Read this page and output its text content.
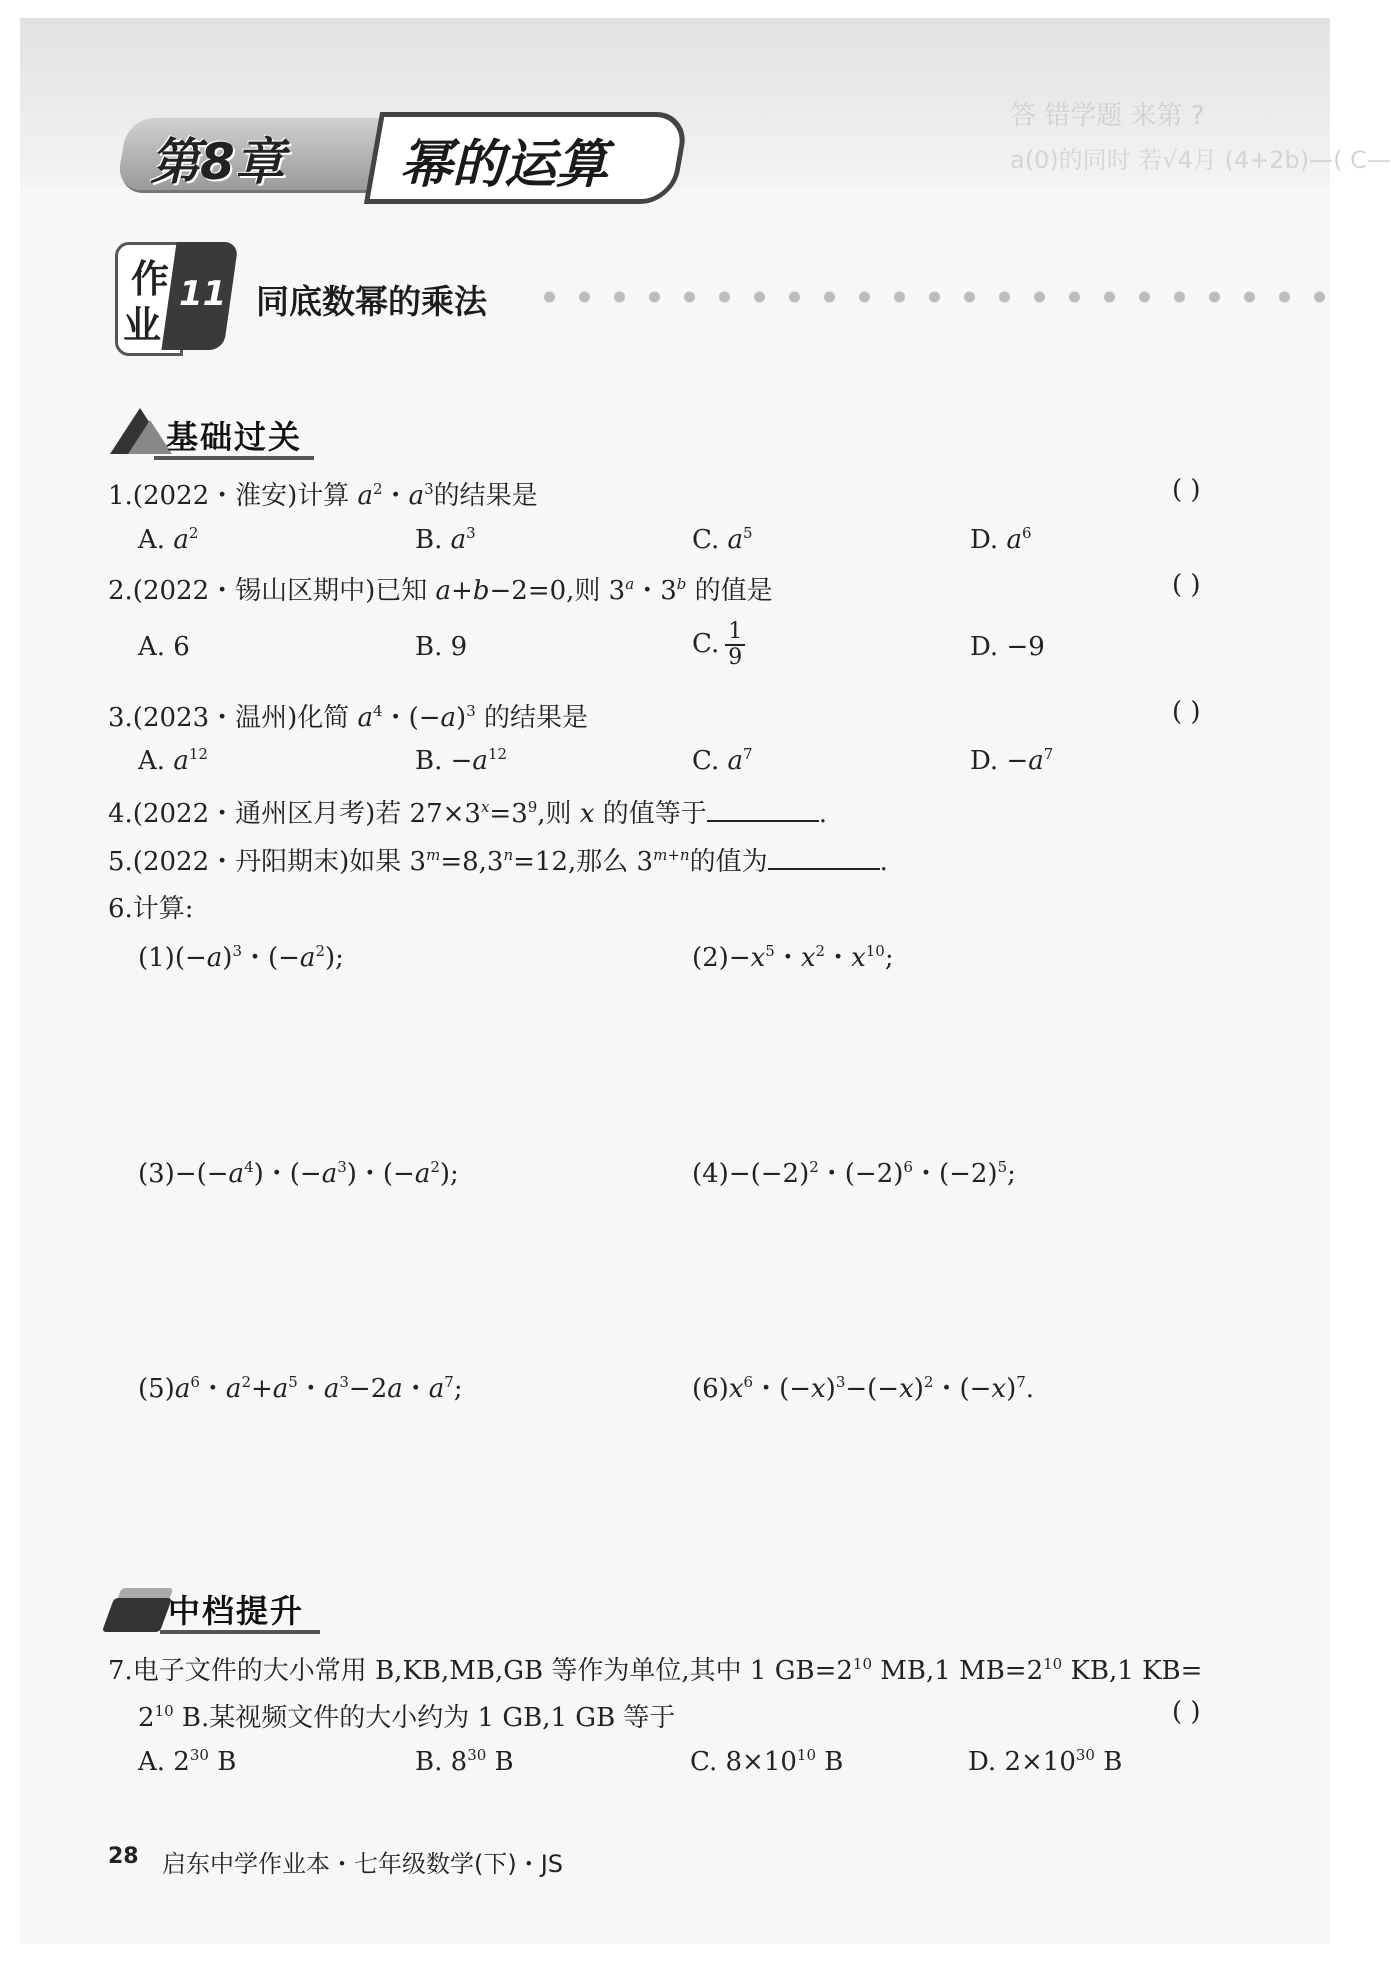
答 错学题 来第 ?
a(0)的同时 若√4月 (4+2b)—( C—
第8章 幂的运算
作
业
11 同底数幂的乘法
基础过关
1.(2022・淮安)计算 $a^2$・$a^3$的结果是	( )
A. $a^2$	B. $a^3$	C. $a^5$	D. $a^6$
2.(2022・锡山区期中)已知 a+b−2=0,则 3$^a$・3$^b$ 的值是	( )
A. 6	B. 9	C. $\frac{1}{9}$	D. −9
3.(2023・温州)化简 $a^4$・$(-a)^3$ 的结果是	( )
A. $a^{12}$	B. $-a^{12}$	C. $a^7$	D. $-a^7$
4.(2022・通州区月考)若 $27\times 3^x=3^9$,则 x 的值等于	.
5.(2022・丹阳期末)如果 $3^m=8,3^n=12$,那么 $3^{m+n}$的值为	.
6.计算:
$(1)(-a)^3$・$(-a^2)$;	$(2)-x^5$・$x^2$・$x^{10}$;
$(3)-(-a^4)$・$(-a^3)$・$(-a^2)$;	$(4)-(-2)^2$・$(-2)^6$・$(-2)^5$;
$(5)a^6$・$a^2+a^5$・$a^3-2a$・$a^7$;	$(6)x^6$・$(-x)^3-(-x)^2$・$(-x)^7$.
中档提升
7.电子文件的大小常用 B,KB,MB,GB 等作为单位,其中 1 $GB=2^{10}$ MB,1 $MB=2^{10}$ KB,1 KB=
$2^{10}$ B.某视频文件的大小约为 1 GB,1 GB 等于	( )
A. $2^{30}$ B	B. $8^{30}$ B	C. $8\times 10^{10}$ B	D. $2\times 10^{30}$ B
28 启东中学作业本・七年级数学(下)・JS
